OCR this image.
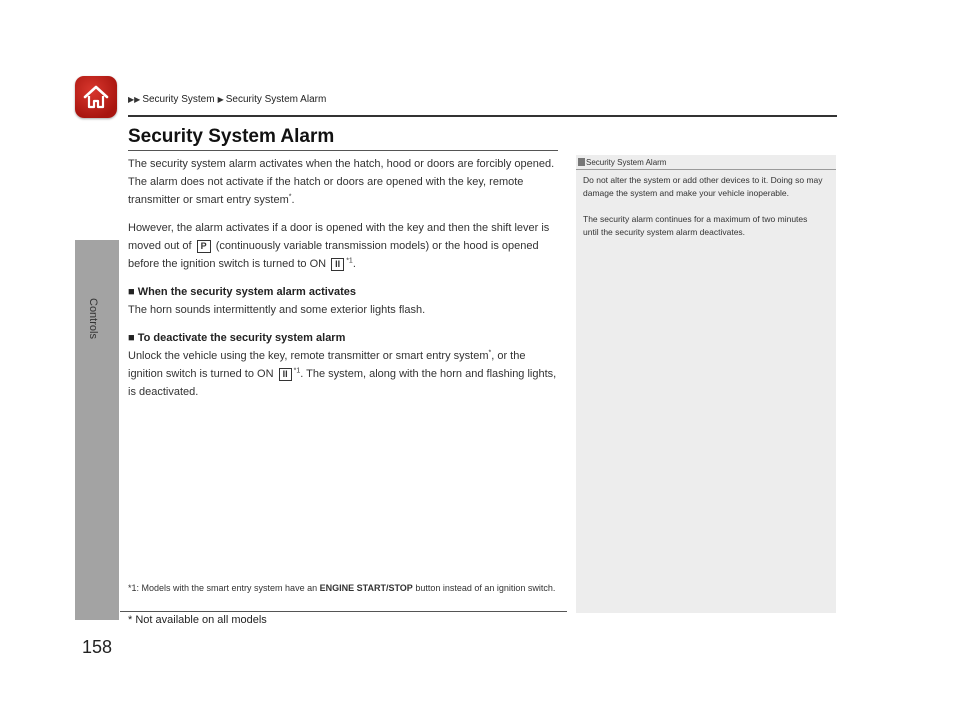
Controls
▶▶ Security System ▶ Security System Alarm
Security System Alarm

The security system alarm activates when the hatch, hood or doors are forcibly opened. The alarm does not activate if the hatch or doors are opened with the key, remote transmitter or smart entry system*.

However, the alarm activates if a door is opened with the key and then the shift lever is moved out of P (continuously variable transmission models) or the hood is opened before the ignition switch is turned to ON II $^{*1}$.

■ When the security system alarm activates

The horn sounds intermittently and some exterior lights flash.

■ To deactivate the security system alarm

Unlock the vehicle using the key, remote transmitter or smart entry system*, or the ignition switch is turned to ON II $^{*1}$. The system, along with the horn and flashing lights, is deactivated.

*1: Models with the smart entry system have an ENGINE START/STOP button instead of an ignition switch.
* Not available on all models
158
Security System Alarm

Do not alter the system or add other devices to it. Doing so may damage the system and make your vehicle inoperable.

The security alarm continues for a maximum of two minutes until the security system alarm deactivates.
